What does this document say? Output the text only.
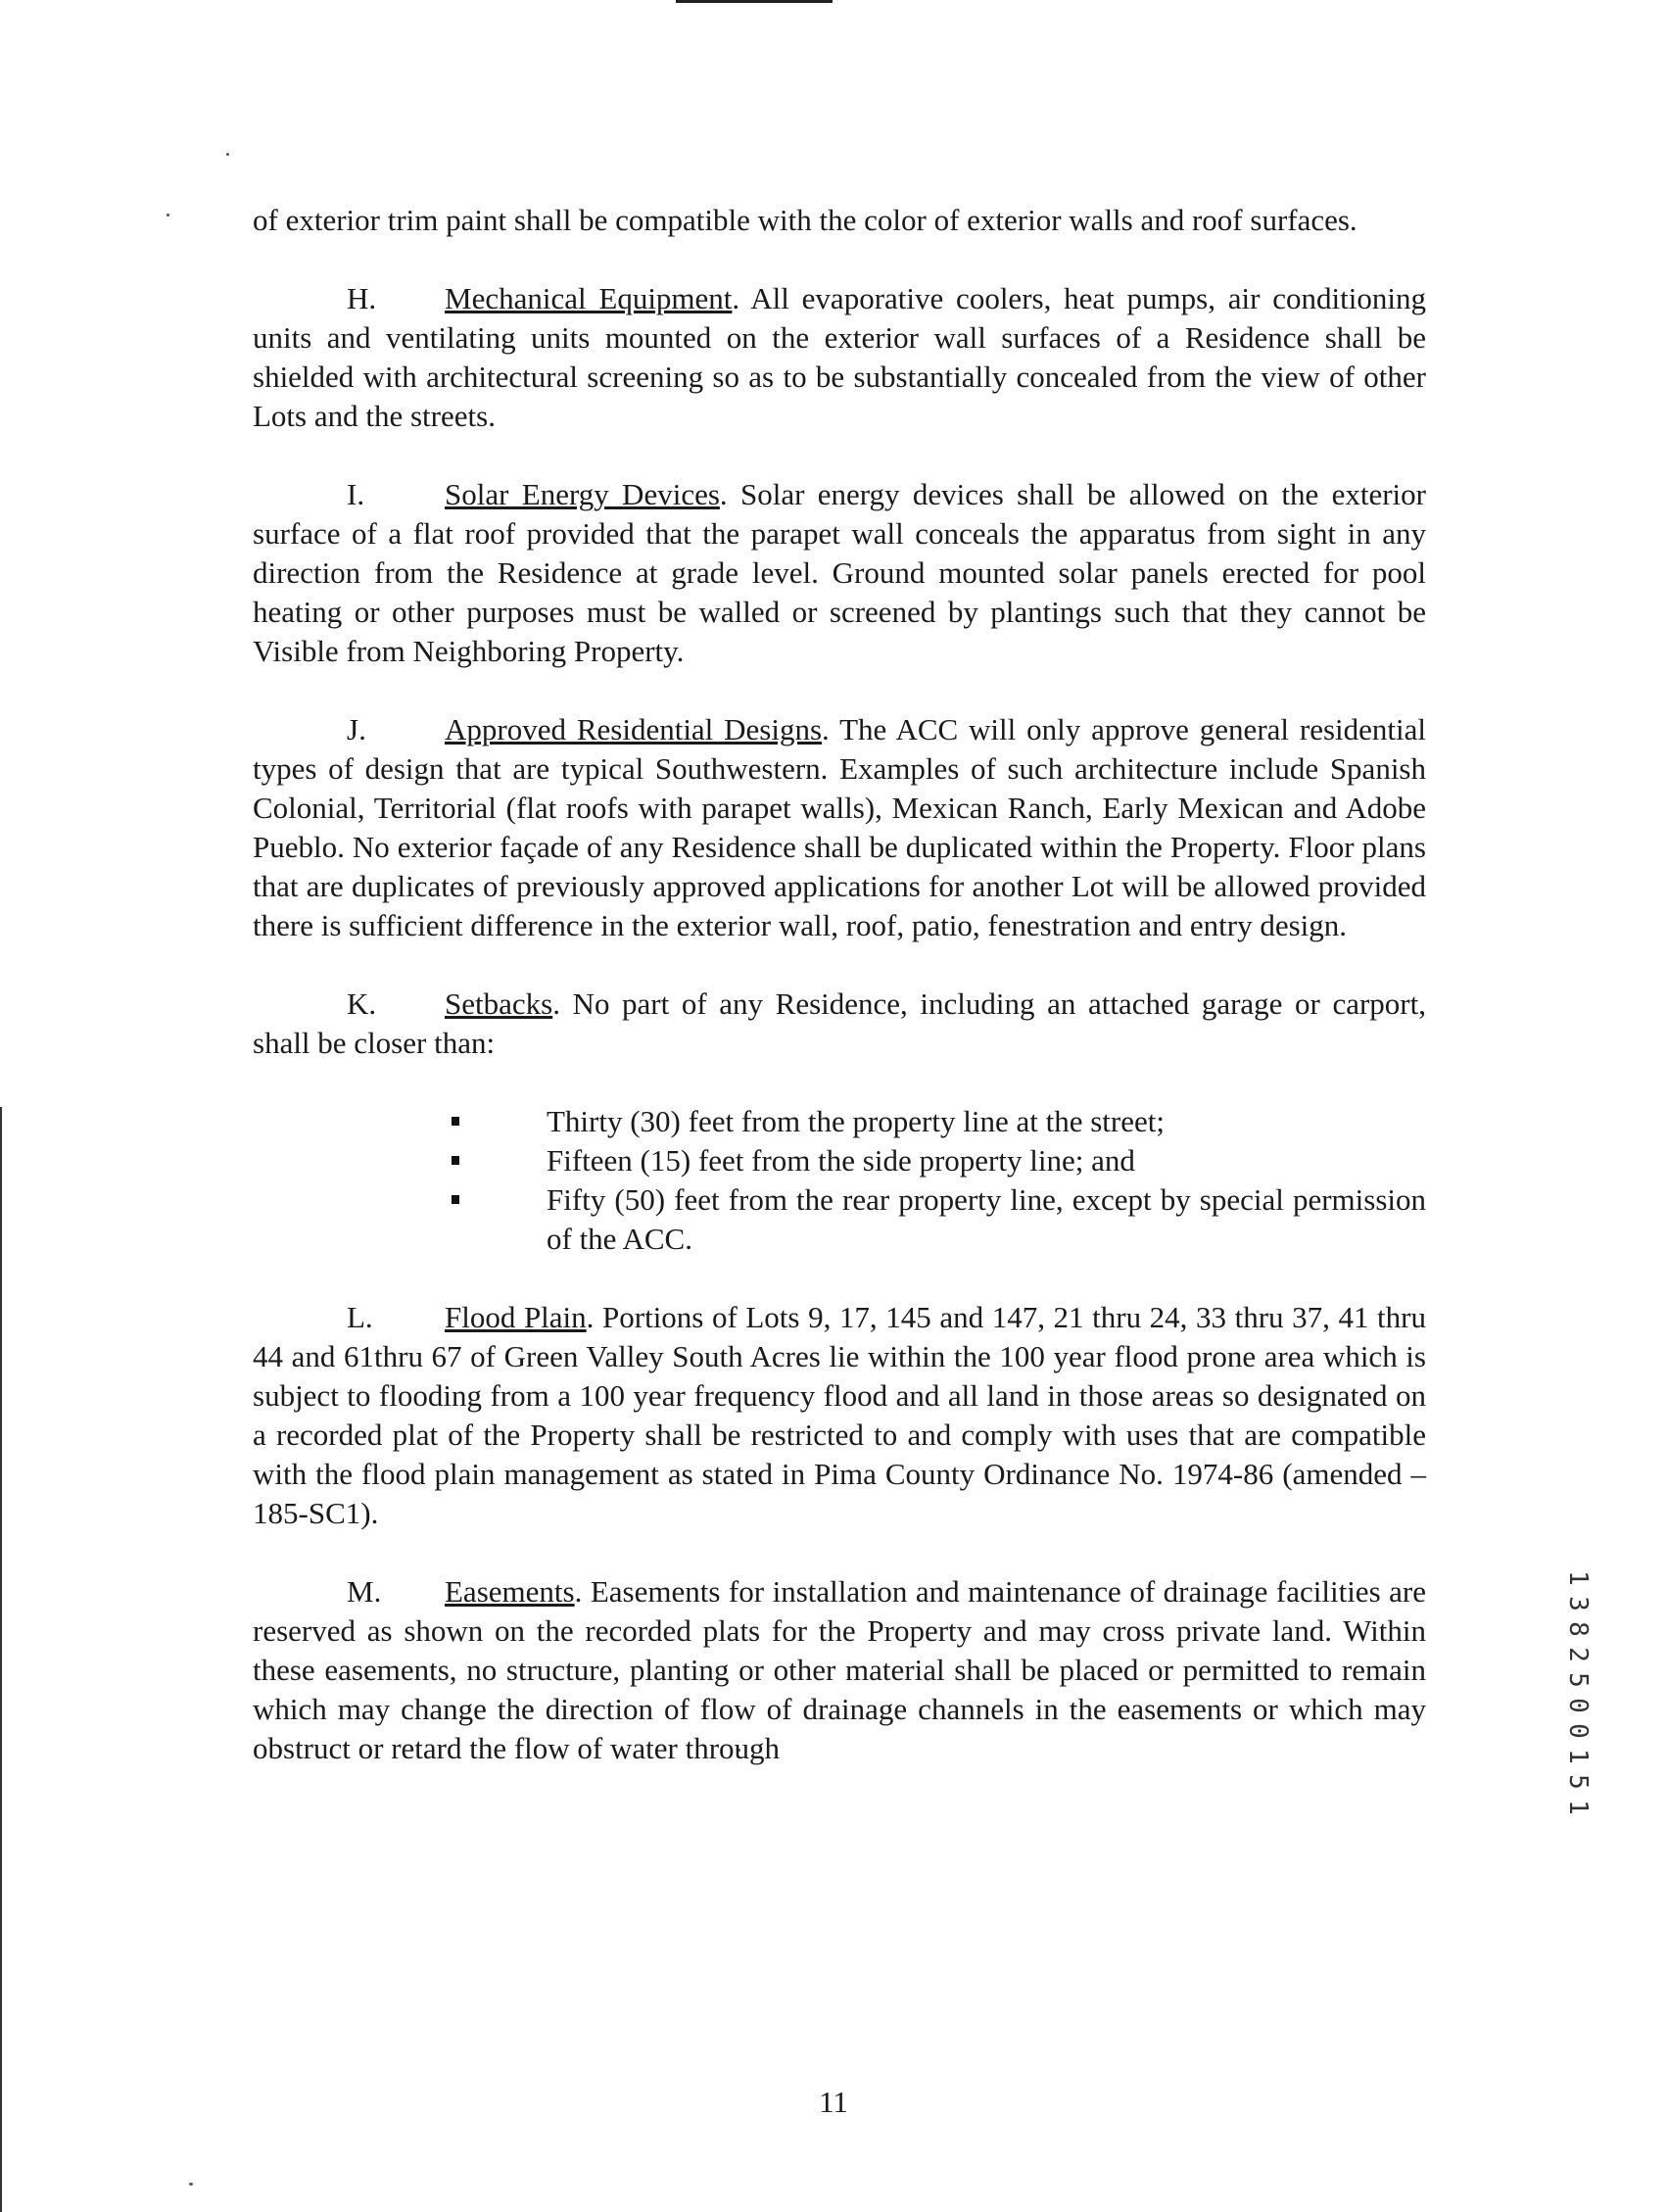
of exterior trim paint shall be compatible with the color of exterior walls and roof surfaces.

H. Mechanical Equipment. All evaporative coolers, heat pumps, air conditioning units and ventilating units mounted on the exterior wall surfaces of a Residence shall be shielded with architectural screening so as to be substantially concealed from the view of other Lots and the streets.

I.	Solar Energy Devices. Solar energy devices shall be allowed on the exterior surface of a flat roof provided that the parapet wall conceals the apparatus from sight in any direction from the Residence at grade level. Ground mounted solar panels erected for pool heating or other purposes must be walled or screened by plantings such that they cannot be Visible from Neighboring Property.

J.	Approved Residential Designs. The ACC will only approve general residential types of design that are typical Southwestern. Examples of such architecture include Spanish Colonial, Territorial (flat roofs with parapet walls), Mexican Ranch, Early Mexican and Adobe Pueblo. No exterior façade of any Residence shall be duplicated within the Property. Floor plans that are duplicates of previously approved applications for another Lot will be allowed provided there is sufficient difference in the exterior wall, roof, patio, fenestration and entry design.

K. Setbacks. No part of any Residence, including an attached garage or carport, shall be closer than:

Thirty (30) feet from the property line at the street;
Fifteen (15) feet from the side property line; and
Fifty (50) feet from the rear property line, except by special permission of the ACC.

L. Flood Plain. Portions of Lots 9, 17, 145 and 147, 21 thru 24, 33 thru 37, 41 thru 44 and 61thru 67 of Green Valley South Acres lie within the 100 year flood prone area which is subject to flooding from a 100 year frequency flood and all land in those areas so designated on a recorded plat of the Property shall be restricted to and comply with uses that are compatible with the flood plain management as stated in Pima County Ordinance No. 1974-86 (amended –185-SC1).

M. Easements. Easements for installation and maintenance of drainage facilities are reserved as shown on the recorded plats for the Property and may cross private land. Within these easements, no structure, planting or other material shall be placed or permitted to remain which may change the direction of flow of drainage channels in the easements or which may obstruct or retard the flow of water through

11
1
3
8
2
5
0
0
1
5
1
